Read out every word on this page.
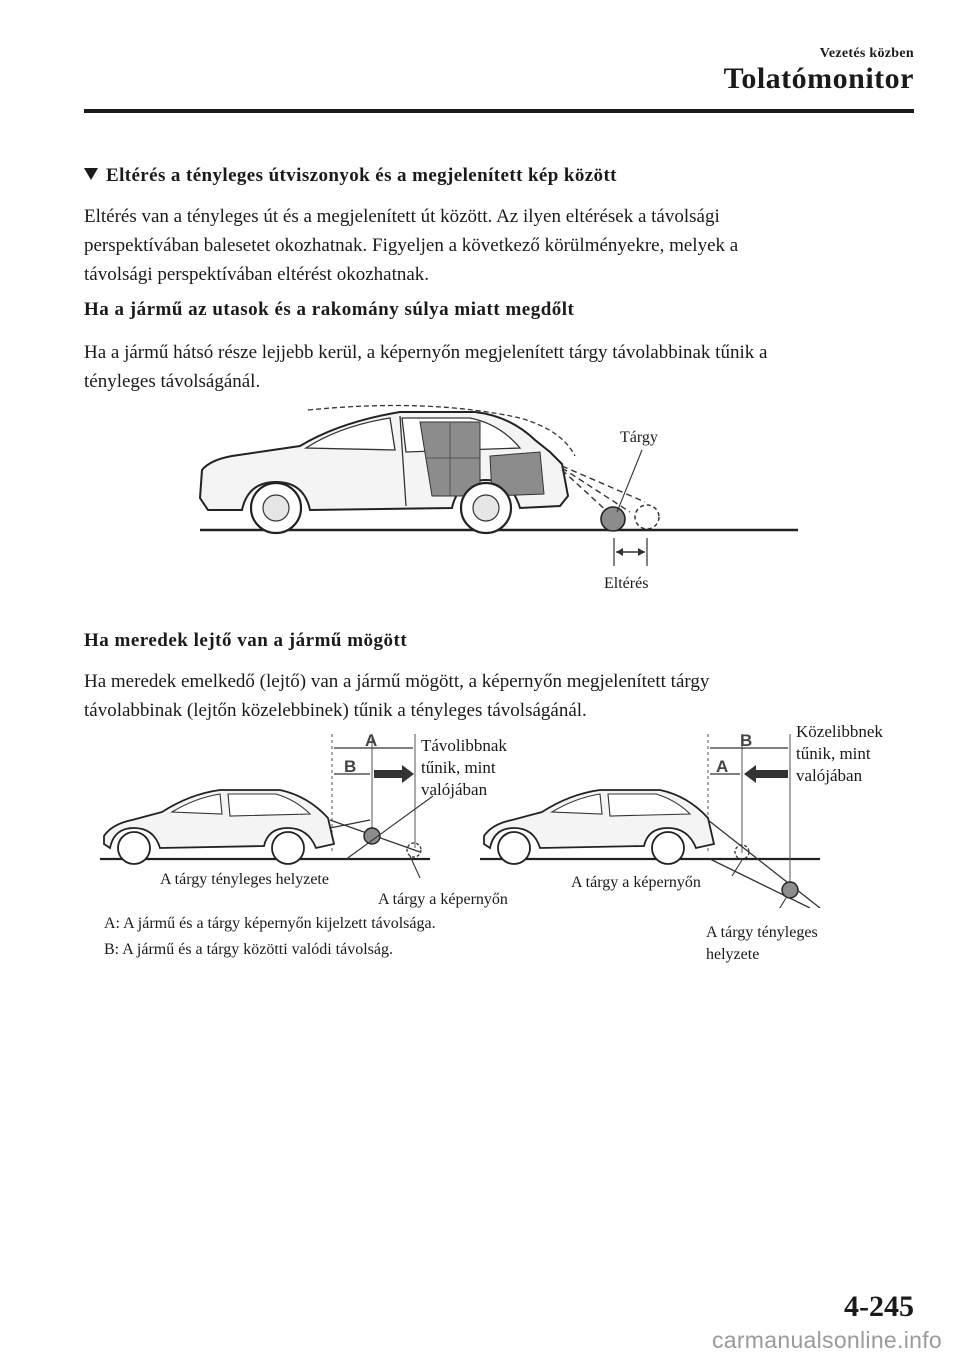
Vezetés közben
Tolatómonitor
Eltérés a tényleges útviszonyok és a megjelenített kép között
Eltérés van a tényleges út és a megjelenített út között. Az ilyen eltérések a távolsági
perspektívában balesetet okozhatnak. Figyeljen a következő körülményekre, melyek a
távolsági perspektívában eltérést okozhatnak.
Ha a jármű az utasok és a rakomány súlya miatt megdőlt
Ha a jármű hátsó része lejjebb kerül, a képernyőn megjelenített tárgy távolabbinak tűnik a
tényleges távolságánál.
Tárgy
Eltérés
Ha meredek lejtő van a jármű mögött
Ha meredek emelkedő (lejtő) van a jármű mögött, a képernyőn megjelenített tárgy
távolabbinak (lejtőn közelebbinek) tűnik a tényleges távolságánál.
A
B
Távolibbnak
tűnik, mint
valójában
A tárgy tényleges helyzete
A tárgy a képernyőn
B
A
Közelibbnek
tűnik, mint
valójában
A tárgy a képernyőn
A tárgy tényleges
helyzete
A: A jármű és a tárgy képernyőn kijelzett távolsága.
B: A jármű és a tárgy közötti valódi távolság.
4-245
carmanualsonline.info
